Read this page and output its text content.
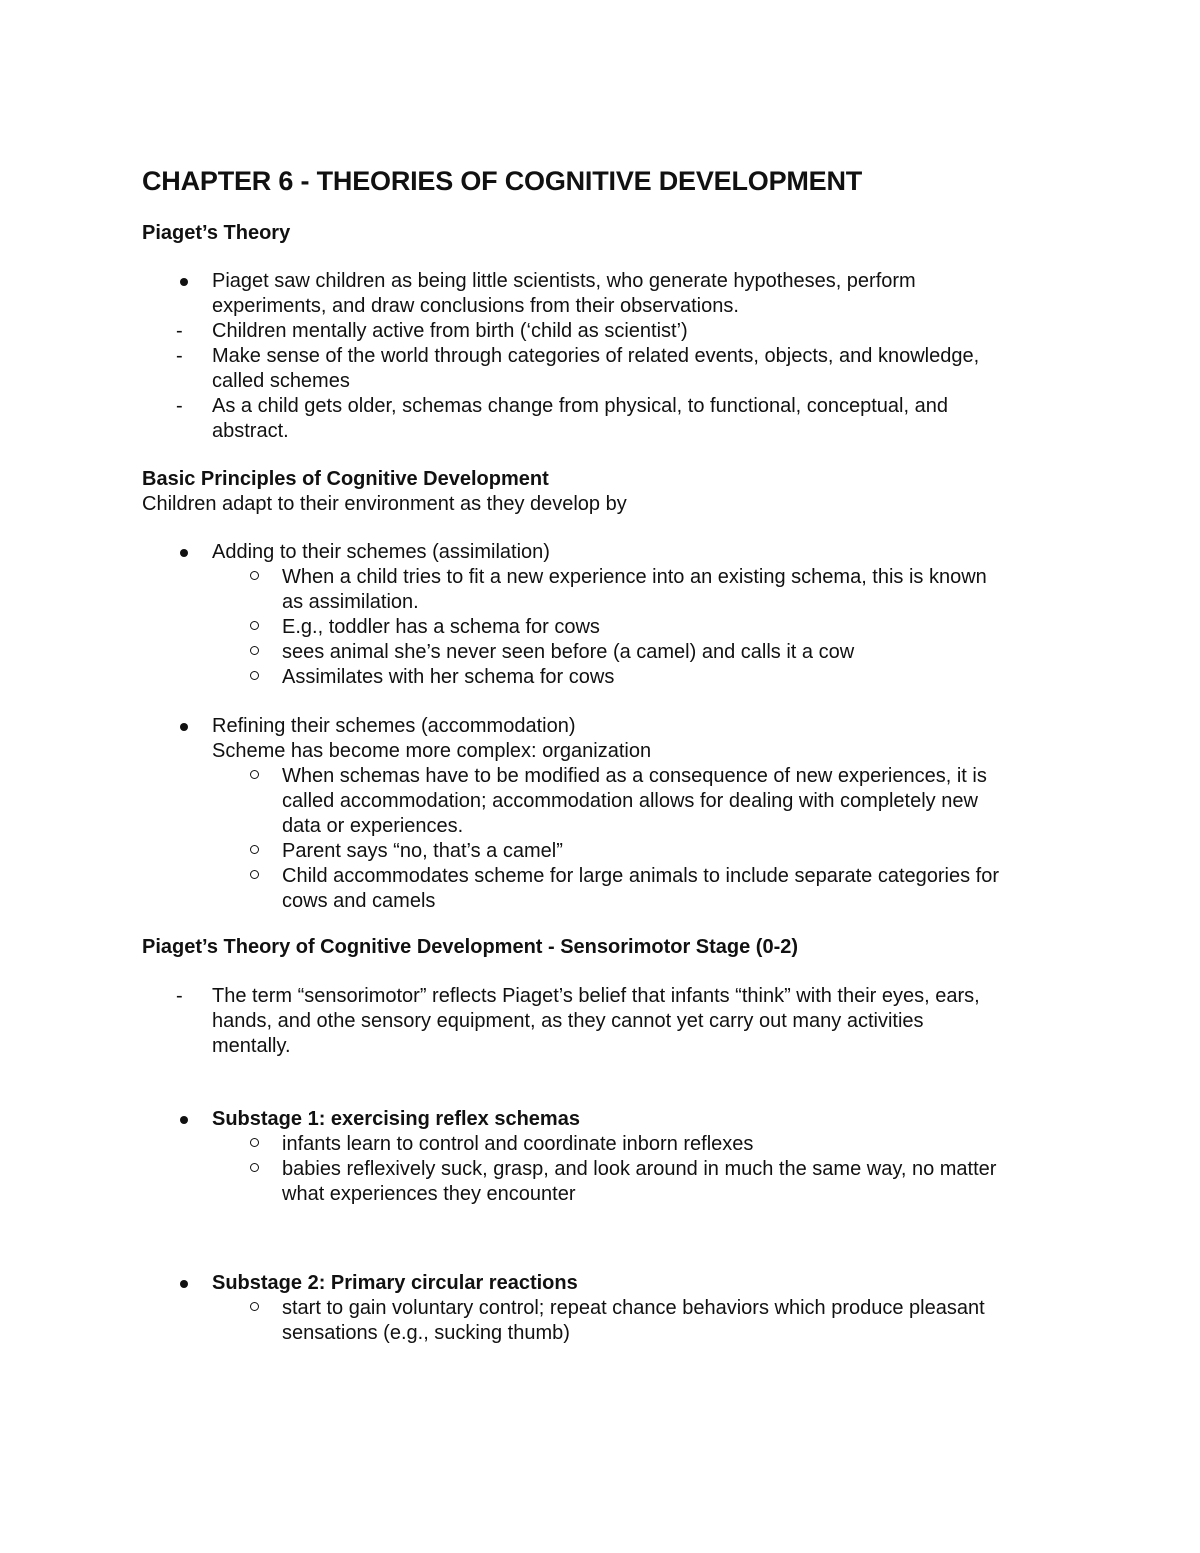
CHAPTER 6 - THEORIES OF COGNITIVE DEVELOPMENT
Piaget’s Theory
Piaget saw children as being little scientists, who generate hypotheses, perform
experiments, and draw conclusions from their observations.
- Children mentally active from birth (‘child as scientist’)
- Make sense of the world through categories of related events, objects, and knowledge,
called schemes
- As a child gets older, schemas change from physical, to functional, conceptual, and
abstract.
Basic Principles of Cognitive Development
Children adapt to their environment as they develop by
Adding to their schemes (assimilation)
When a child tries to fit a new experience into an existing schema, this is known
as assimilation.
E.g., toddler has a schema for cows
sees animal she’s never seen before (a camel) and calls it a cow
Assimilates with her schema for cows
Refining their schemes (accommodation)
Scheme has become more complex: organization
When schemas have to be modified as a consequence of new experiences, it is
called accommodation; accommodation allows for dealing with completely new
data or experiences.
Parent says “no, that’s a camel”
Child accommodates scheme for large animals to include separate categories for
cows and camels
Piaget’s Theory of Cognitive Development - Sensorimotor Stage (0-2)
- The term “sensorimotor” reflects Piaget’s belief that infants “think” with their eyes, ears,
hands, and othe sensory equipment, as they cannot yet carry out many activities
mentally.
Substage 1: exercising reflex schemas
infants learn to control and coordinate inborn reflexes
babies reflexively suck, grasp, and look around in much the same way, no matter
what experiences they encounter
Substage 2: Primary circular reactions
start to gain voluntary control; repeat chance behaviors which produce pleasant
sensations (e.g., sucking thumb)
